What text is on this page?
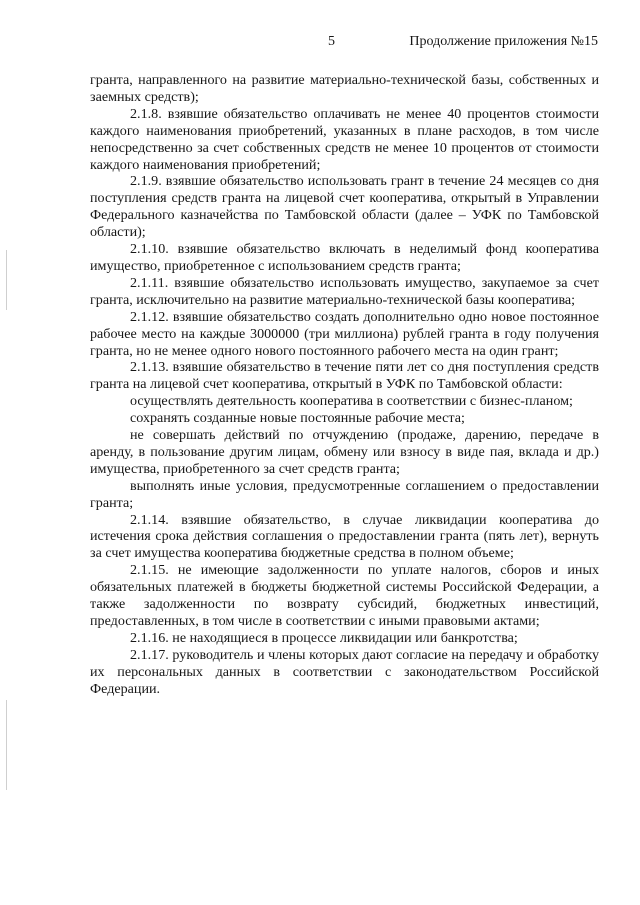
5	Продолжение приложения №15

гранта, направленного на развитие материально-технической базы, собственных и заемных средств);

2.1.8. взявшие обязательство оплачивать не менее 40 процентов стоимости каждого наименования приобретений, указанных в плане расходов, в том числе непосредственно за счет собственных средств не менее 10 процентов от стоимости каждого наименования приобретений;

2.1.9. взявшие обязательство использовать грант в течение 24 месяцев со дня поступления средств гранта на лицевой счет кооператива, открытый в Управлении Федерального казначейства по Тамбовской области (далее – УФК по Тамбовской области);

2.1.10. взявшие обязательство включать в неделимый фонд кооператива имущество, приобретенное с использованием средств гранта;

2.1.11. взявшие обязательство использовать имущество, закупаемое за счет гранта, исключительно на развитие материально-технической базы кооператива;

2.1.12. взявшие обязательство создать дополнительно одно новое постоянное рабочее место на каждые 3000000 (три миллиона) рублей гранта в году получения гранта, но не менее одного нового постоянного рабочего места на один грант;

2.1.13. взявшие обязательство в течение пяти лет со дня поступления средств гранта на лицевой счет кооператива, открытый в УФК по Тамбовской области:

осуществлять деятельность кооператива в соответствии с бизнес-планом;

сохранять созданные новые постоянные рабочие места;

не совершать действий по отчуждению (продаже, дарению, передаче в аренду, в пользование другим лицам, обмену или взносу в виде пая, вклада и др.) имущества, приобретенного за счет средств гранта;

выполнять иные условия, предусмотренные соглашением о предоставлении гранта;

2.1.14. взявшие обязательство, в случае ликвидации кооператива до истечения срока действия соглашения о предоставлении гранта (пять лет), вернуть за счет имущества кооператива бюджетные средства в полном объеме;

2.1.15. не имеющие задолженности по уплате налогов, сборов и иных обязательных платежей в бюджеты бюджетной системы Российской Федерации, а также задолженности по возврату субсидий, бюджетных инвестиций, предоставленных, в том числе в соответствии с иными правовыми актами;

2.1.16. не находящиеся в процессе ликвидации или банкротства;

2.1.17. руководитель и члены которых дают согласие на передачу и обработку их персональных данных в соответствии с законодательством Российской Федерации.
